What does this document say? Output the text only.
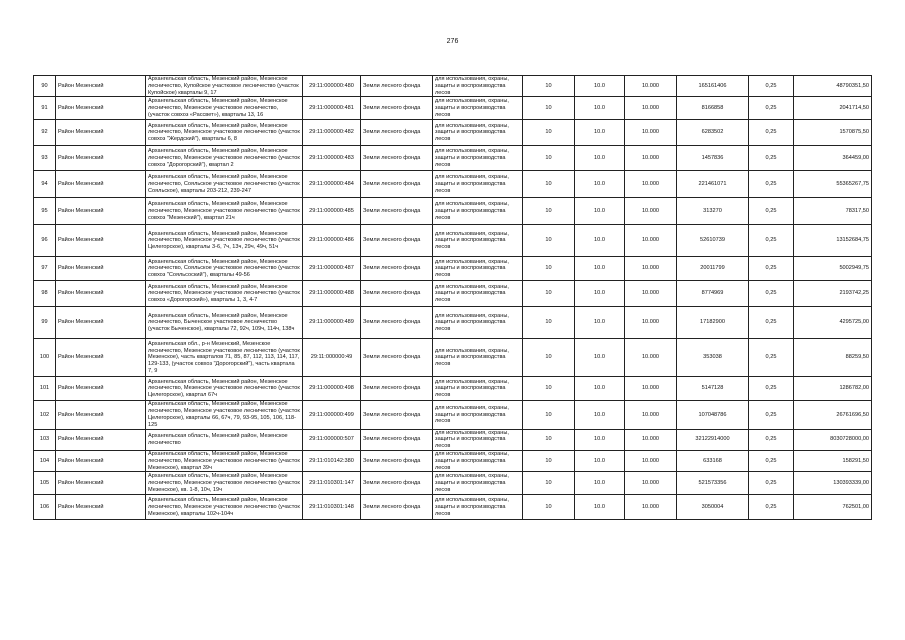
276
90	Район Мезенский	Архангельская область, Мезенский район, Мезенское лесничество, Купойское участковое лесничество (участок Купойское) кварталы 9, 17	29:11:000000:480	Земли лесного фонда	для использования, охраны, защиты и воспроизводства лесов	10	10.0	10.000	165161406	0,25	48790351,50
91	Район Мезенский	Архангельская область, Мезенский район, Мезенское лесничество, Мезенское участковое лесничество, (участок совхоз «Рассвет»), кварталы 13, 16	29:11:000000:481	Земли лесного фонда	для использования, охраны, защиты и воспроизводства лесов	10	10.0	10.000	8166858	0,25	2041714,50
92	Район Мезенский	Архангельская область, Мезенский район, Мезенское лесничество, Мезенское участковое лесничество (участок совхоз "Жердский"), кварталы 6, 8	29:11:000000:482	Земли лесного фонда	для использования, охраны, защиты и воспроизводства лесов	10	10.0	10.000	6283502	0,25	1570875,50
93	Район Мезенский	Архангельская область, Мезенский район, Мезенское лесничество, Мезенское участковое лесничество (участок совхоз "Дорогорский"), квартал 2	29:11:000000:483	Земли лесного фонда	для использования, охраны, защиты и воспроизводства лесов	10	10.0	10.000	1457836	0,25	364459,00
94	Район Мезенский	Архангельская область, Мезенский район, Мезенское лесничество, Сояльское участковое лесничество (участок Сояльское), кварталы 203-212, 239-247	29:11:000000:484	Земли лесного фонда	для использования, охраны, защиты и воспроизводства лесов	10	10.0	10.000	221461071	0,25	55365267,75
95	Район Мезенский	Архангельская область, Мезенский район, Мезенское лесничество, Мезенское участковое лесничество (участок совхоз "Мезенский"), квартал 21ч	29:11:000000:485	Земли лесного фонда	для использования, охраны, защиты и воспроизводства лесов	10	10.0	10.000	313270	0,25	78317,50
96	Район Мезенский	Архангельская область, Мезенский район, Мезенское лесничество, Мезенское участковое лесничество (участок Целегорское), кварталы 3-6, 7ч, 13ч, 29ч, 49ч, 51ч	29:11:000000:486	Земли лесного фонда	для использования, охраны, защиты и воспроизводства лесов	10	10.0	10.000	52610739	0,25	13152684,75
97	Район Мезенский	Архангельская область, Мезенский район, Мезенское лесничество, Сояльское участковое лесничество (участок совхоз "Сояльсоский"), кварталы 49-56	29:11:000000:487	Земли лесного фонда	для использования, охраны, защиты и воспроизводства лесов	10	10.0	10.000	20011799	0,25	5002949,75
98	Район Мезенский	Архангельская область, Мезенский район, Мезенское лесничество, Мезенское участковое лесничество (участок совхоз «Дорогорский»), кварталы 1, 3, 4-7	29:11:000000:488	Земли лесного фонда	для использования, охраны, защиты и воспроизводства лесов	10	10.0	10.000	8774969	0,25	2193742,25
99	Район Мезенский	Архангельская область, Мезенский район, Мезенское лесничество, Быченское участковое лесничество (участок Быченское), кварталы 72, 92ч, 109ч, 114ч, 138ч	29:11:000000:489	Земли лесного фонда	для использования, охраны, защиты и воспроизводства лесов	10	10.0	10.000	17182900	0,25	4295725,00
100	Район Мезенский	Архангельская обл., р-н Мезенский, Мезенское лесничество, Мезенское участковое лесничество (участок Мезенское), часть кварталов 71, 85, 87, 112, 113, 114, 117, 129-133, (участок совхоз "Дорогорский"), часть квартала 7, 9	29:11:000000:49	Земли лесного фонда	для использования, охраны, защиты и воспроизводства лесов	10	10.0	10.000	353038	0,25	88259,50
101	Район Мезенский	Архангельская область, Мезенский район, Мезенское лесничество, Мезенское участковое лесничество (участок Целегорское), квартал 67ч	29:11:000000:498	Земли лесного фонда	для использования, охраны, защиты и воспроизводства лесов	10	10.0	10.000	5147128	0,25	1286782,00
102	Район Мезенский	Архангельская область, Мезенский район, Мезенское лесничество, Мезенское участковое лесничество (участок Целегорское), кварталы 66, 67ч, 79, 93-95, 105, 106, 118-125	29:11:000000:499	Земли лесного фонда	для использования, охраны, защиты и воспроизводства лесов	10	10.0	10.000	107048786	0,25	26761696,50
103	Район Мезенский	Архангельская область, Мезенский район, Мезенское лесничество	29:11:000000:507	Земли лесного фонда	для использования, охраны, защиты и воспроизводства лесов	10	10.0	10.000	32122914000	0,25	8030728000,00
104	Район Мезенский	Архангельская область, Мезенский район, Мезенское лесничество, Мезенское участковое лесничество (участок Мезенское), квартал 39ч	29:11:010142:380	Земли лесного фонда	для использования, охраны, защиты и воспроизводства лесов	10	10.0	10.000	633168	0,25	158291,50
105	Район Мезенский	Архангельская область, Мезенский район, Мезенское лесничество, Мезенское участковое лесничество (участок Мезенское), кв. 1-8, 10ч, 19ч	29:11:010301:147	Земли лесного фонда	для использования, охраны, защиты и воспроизводства лесов	10	10.0	10.000	521573356	0,25	130393339,00
106	Район Мезенский	Архангельская область, Мезенский район, Мезенское лесничество, Мезенское участковое лесничество (участок Мезенское), кварталы 102ч-104ч	29:11:010301:148	Земли лесного фонда	для использования, охраны, защиты и воспроизводства лесов	10	10.0	10.000	3050004	0,25	762501,00
